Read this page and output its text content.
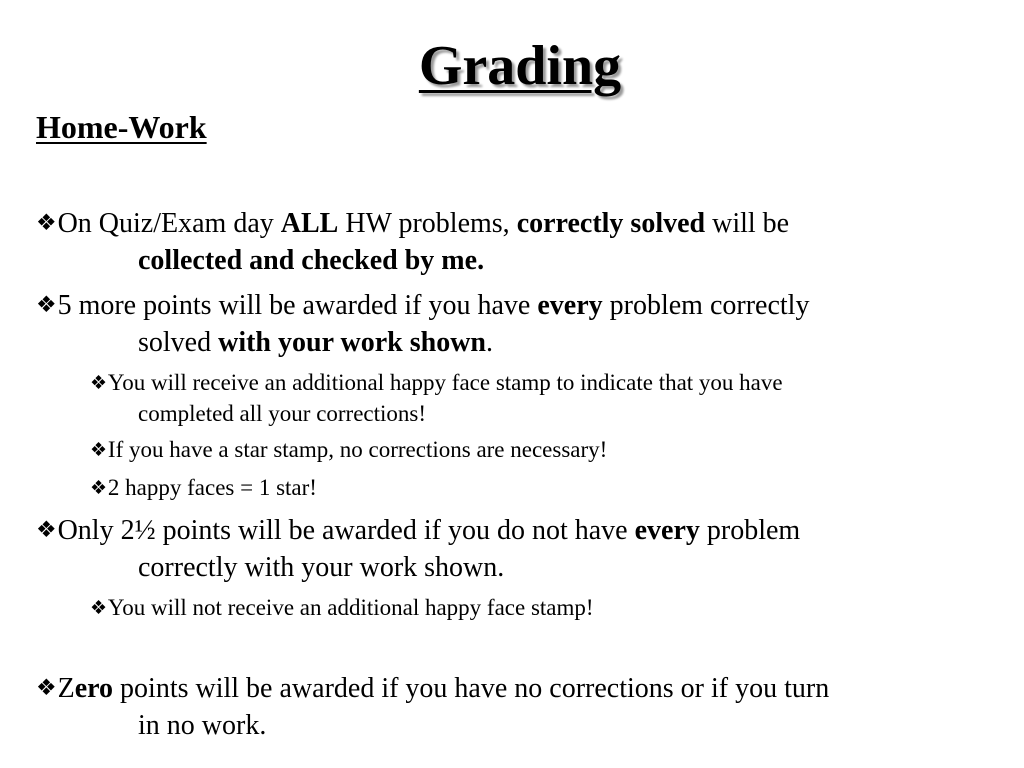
Grading
Home-Work

❖On Quiz/Exam day ALL HW problems, correctly solved will be
collected and checked by me.

❖5 more points will be awarded if you have every problem correctly
solved with your work shown.

❖You will receive an additional happy face stamp to indicate that you have
completed all your corrections!

❖If you have a star stamp, no corrections are necessary!

❖2 happy faces = 1 star!

❖Only 2½ points will be awarded if you do not have every problem
correctly with your work shown.

❖You will not receive an additional happy face stamp!

❖Zero points will be awarded if you have no corrections or if you turn
in no work.
